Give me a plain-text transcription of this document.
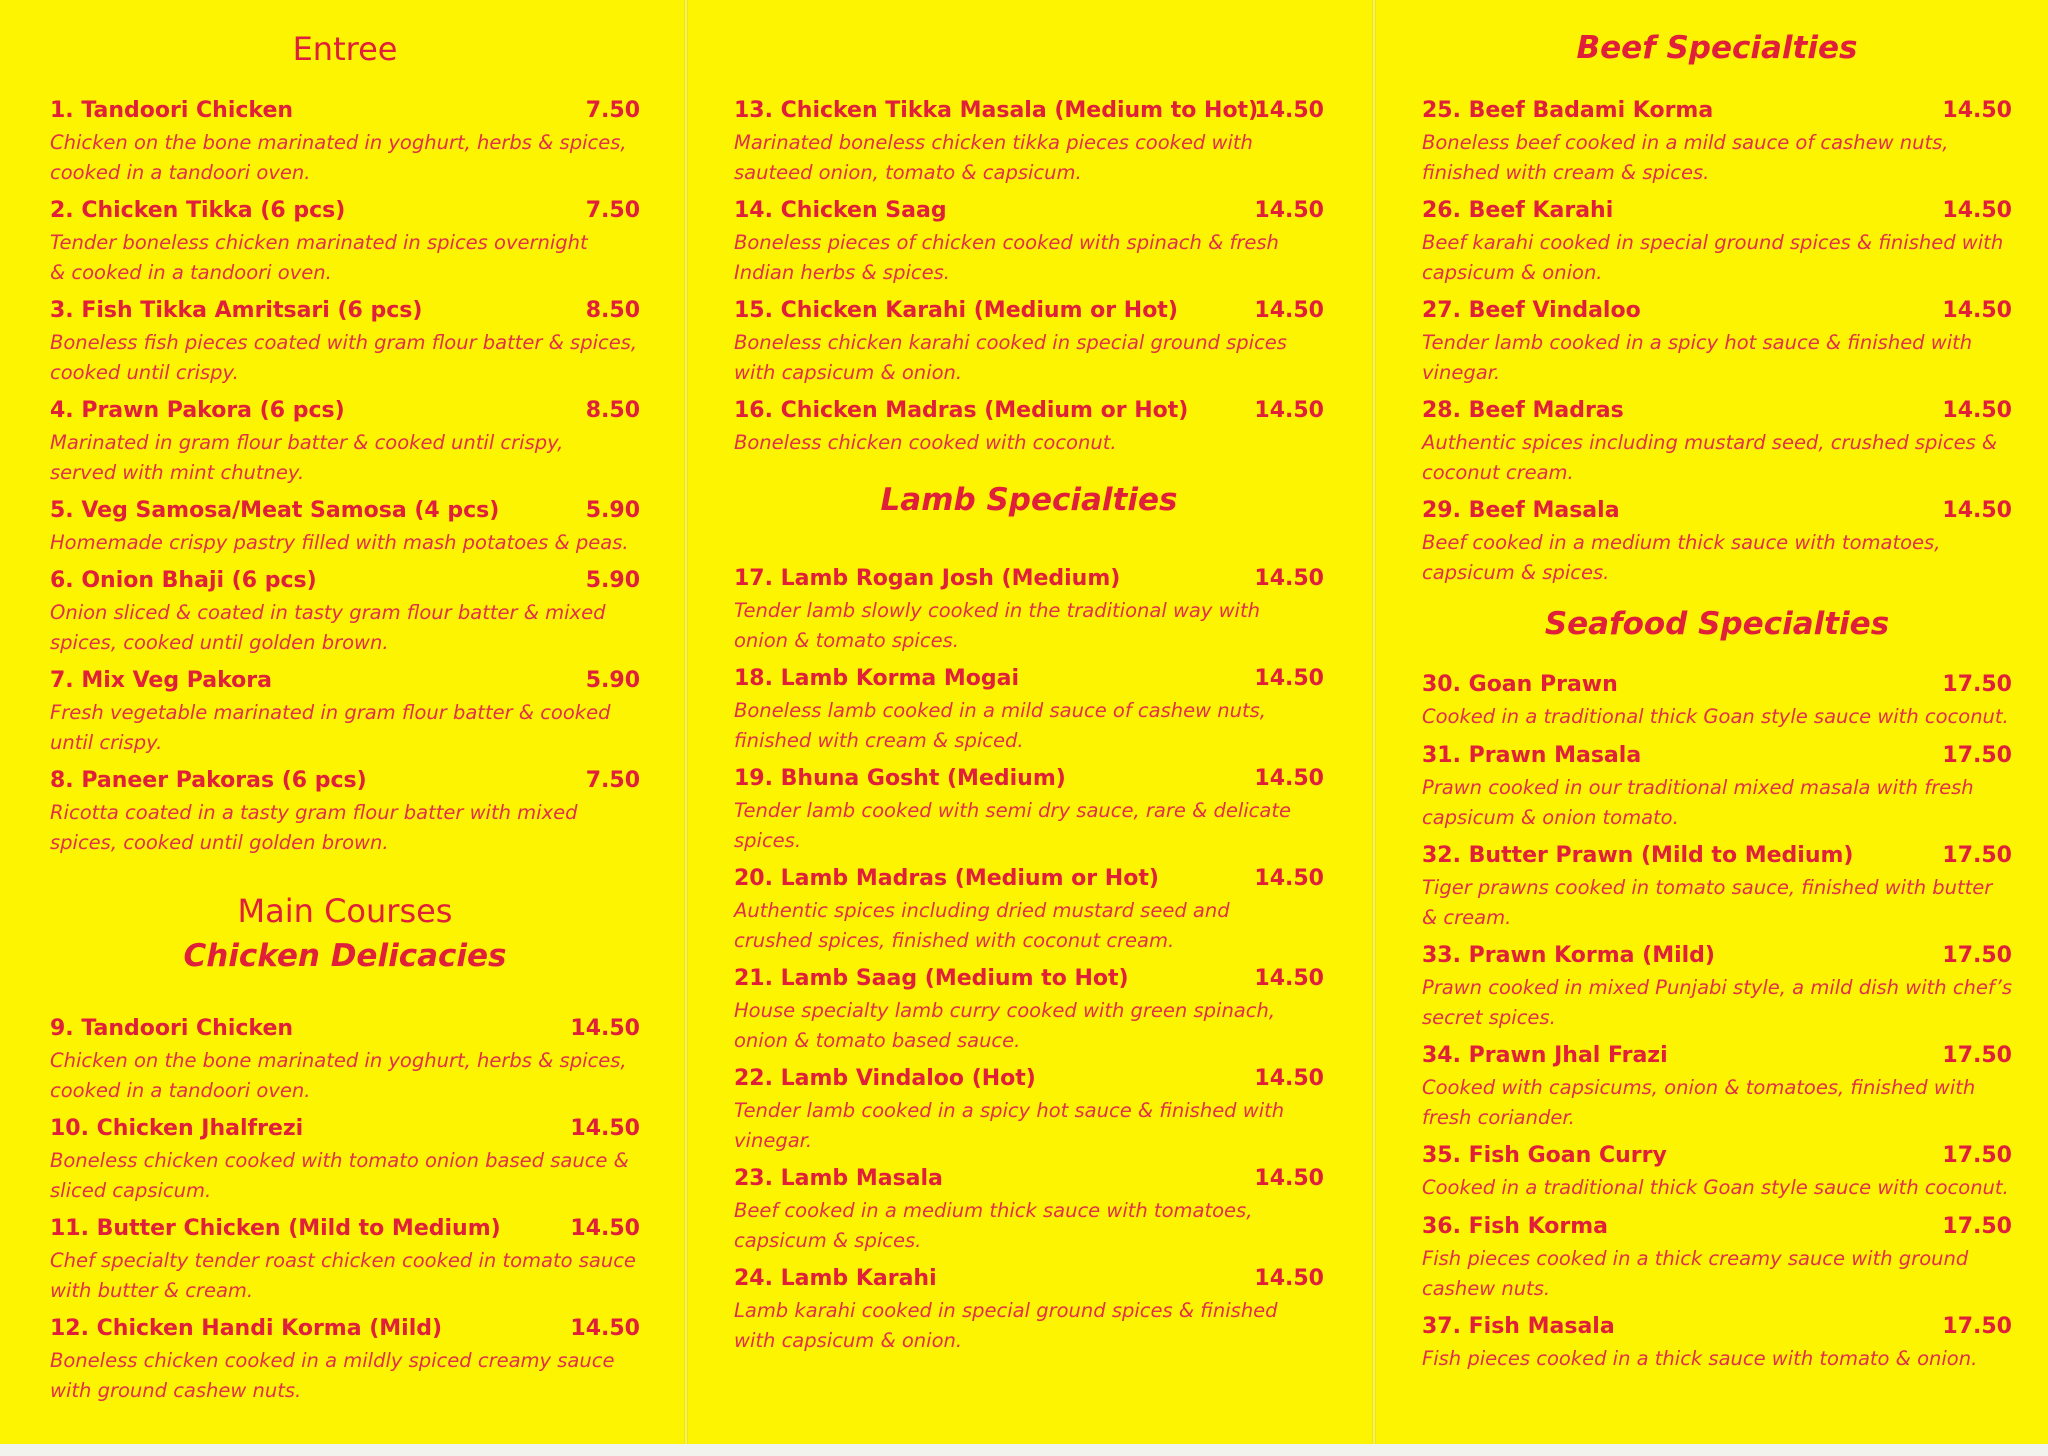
Entree
1. Tandoori Chicken	7.50
Chicken on the bone marinated in yoghurt, herbs & spices,
cooked in a tandoori oven.
2. Chicken Tikka (6 pcs)	7.50
Tender boneless chicken marinated in spices overnight
& cooked in a tandoori oven.
3. Fish Tikka Amritsari (6 pcs)	8.50
Boneless fish pieces coated with gram flour batter & spices,
cooked until crispy.
4. Prawn Pakora (6 pcs)	8.50
Marinated in gram flour batter & cooked until crispy,
served with mint chutney.
5. Veg Samosa/Meat Samosa (4 pcs)	5.90
Homemade crispy pastry filled with mash potatoes & peas.
6. Onion Bhaji (6 pcs)	5.90
Onion sliced & coated in tasty gram flour batter & mixed
spices, cooked until golden brown.
7. Mix Veg Pakora	5.90
Fresh vegetable marinated in gram flour batter & cooked
until crispy.
8. Paneer Pakoras (6 pcs)	7.50
Ricotta coated in a tasty gram flour batter with mixed
spices, cooked until golden brown.
Main Courses
Chicken Delicacies
9. Tandoori Chicken	14.50
Chicken on the bone marinated in yoghurt, herbs & spices,
cooked in a tandoori oven.
10. Chicken Jhalfrezi	14.50
Boneless chicken cooked with tomato onion based sauce &
sliced capsicum.
11. Butter Chicken (Mild to Medium)	14.50
Chef specialty tender roast chicken cooked in tomato sauce
with butter & cream.
12. Chicken Handi Korma (Mild)	14.50
Boneless chicken cooked in a mildly spiced creamy sauce
with ground cashew nuts.
13. Chicken Tikka Masala (Medium to Hot)
14.50
Marinated boneless chicken tikka pieces cooked with
sauteed onion, tomato & capsicum.
14. Chicken Saag	14.50
Boneless pieces of chicken cooked with spinach & fresh
Indian herbs & spices.
15. Chicken Karahi (Medium or Hot)	14.50
Boneless chicken karahi cooked in special ground spices
with capsicum & onion.
16. Chicken Madras (Medium or Hot)	14.50
Boneless chicken cooked with coconut.
Lamb Specialties
17. Lamb Rogan Josh (Medium)	14.50
Tender lamb slowly cooked in the traditional way with
onion & tomato spices.
18. Lamb Korma Mogai	14.50
Boneless lamb cooked in a mild sauce of cashew nuts,
finished with cream & spiced.
19. Bhuna Gosht (Medium)	14.50
Tender lamb cooked with semi dry sauce, rare & delicate
spices.
20. Lamb Madras (Medium or Hot)	14.50
Authentic spices including dried mustard seed and
crushed spices, finished with coconut cream.
21. Lamb Saag (Medium to Hot)	14.50
House specialty lamb curry cooked with green spinach,
onion & tomato based sauce.
22. Lamb Vindaloo (Hot)	14.50
Tender lamb cooked in a spicy hot sauce & finished with
vinegar.
23. Lamb Masala	14.50
Beef cooked in a medium thick sauce with tomatoes,
capsicum & spices.
24. Lamb Karahi	14.50
Lamb karahi cooked in special ground spices & finished
with capsicum & onion.
Beef Specialties
25. Beef Badami Korma	14.50
Boneless beef cooked in a mild sauce of cashew nuts,
finished with cream & spices.
26. Beef Karahi	14.50
Beef karahi cooked in special ground spices & finished with
capsicum & onion.
27. Beef Vindaloo	14.50
Tender lamb cooked in a spicy hot sauce & finished with
vinegar.
28. Beef Madras	14.50
Authentic spices including mustard seed, crushed spices &
coconut cream.
29. Beef Masala	14.50
Beef cooked in a medium thick sauce with tomatoes,
capsicum & spices.
Seafood Specialties
30. Goan Prawn	17.50
Cooked in a traditional thick Goan style sauce with coconut.
31. Prawn Masala	17.50
Prawn cooked in our traditional mixed masala with fresh
capsicum & onion tomato.
32. Butter Prawn (Mild to Medium)	17.50
Tiger prawns cooked in tomato sauce, finished with butter
& cream.
33. Prawn Korma (Mild)	17.50
Prawn cooked in mixed Punjabi style, a mild dish with chef’s
secret spices.
34. Prawn Jhal Frazi	17.50
Cooked with capsicums, onion & tomatoes, finished with
fresh coriander.
35. Fish Goan Curry	17.50
Cooked in a traditional thick Goan style sauce with coconut.
36. Fish Korma	17.50
Fish pieces cooked in a thick creamy sauce with ground
cashew nuts.
37. Fish Masala	17.50
Fish pieces cooked in a thick sauce with tomato & onion.
